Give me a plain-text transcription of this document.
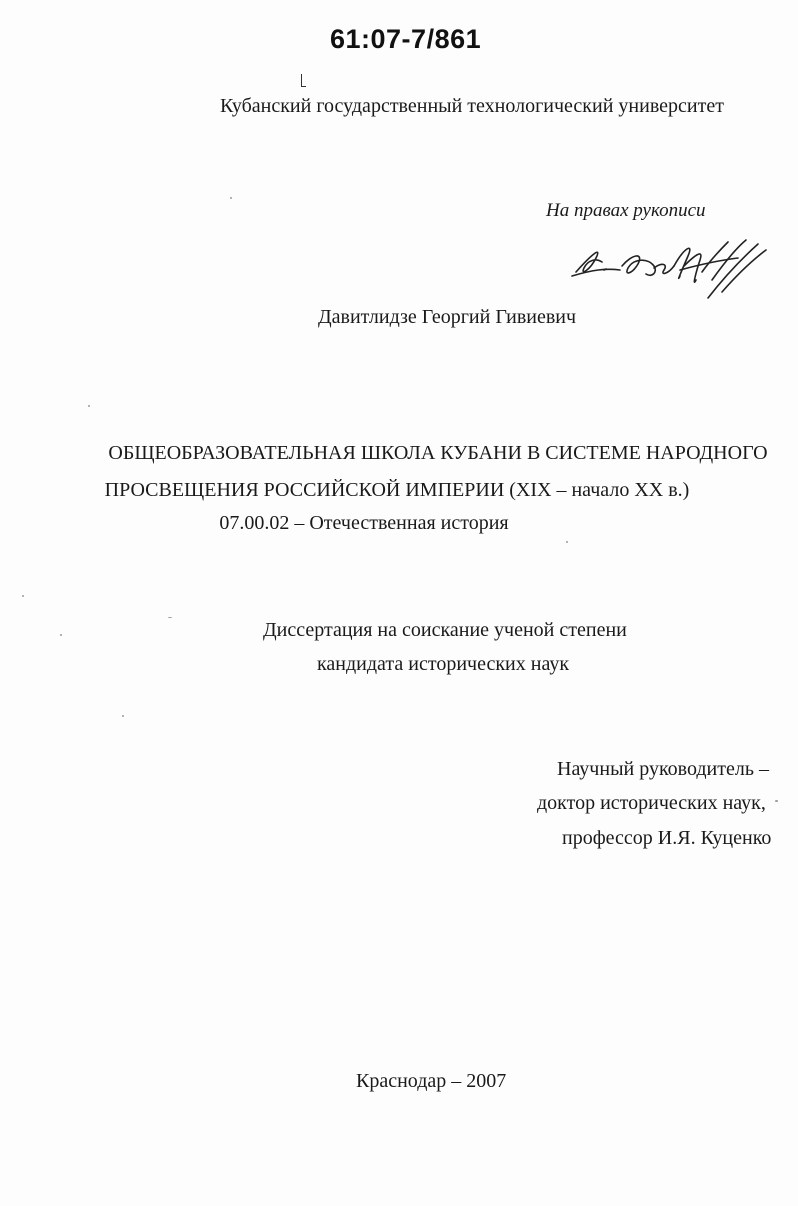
61:07-7/861
Кубанский государственный технологический университет
На правах рукописи
Давитлидзе Георгий Гивиевич
ОБЩЕОБРАЗОВАТЕЛЬНАЯ ШКОЛА КУБАНИ В СИСТЕМЕ НАРОДНОГО
ПРОСВЕЩЕНИЯ РОССИЙСКОЙ ИМПЕРИИ (XIX – начало XX в.)
07.00.02 – Отечественная история
Диссертация на соискание ученой степени
кандидата исторических наук
Научный руководитель –
доктор исторических наук,
профессор И.Я. Куценко
Краснодар – 2007
